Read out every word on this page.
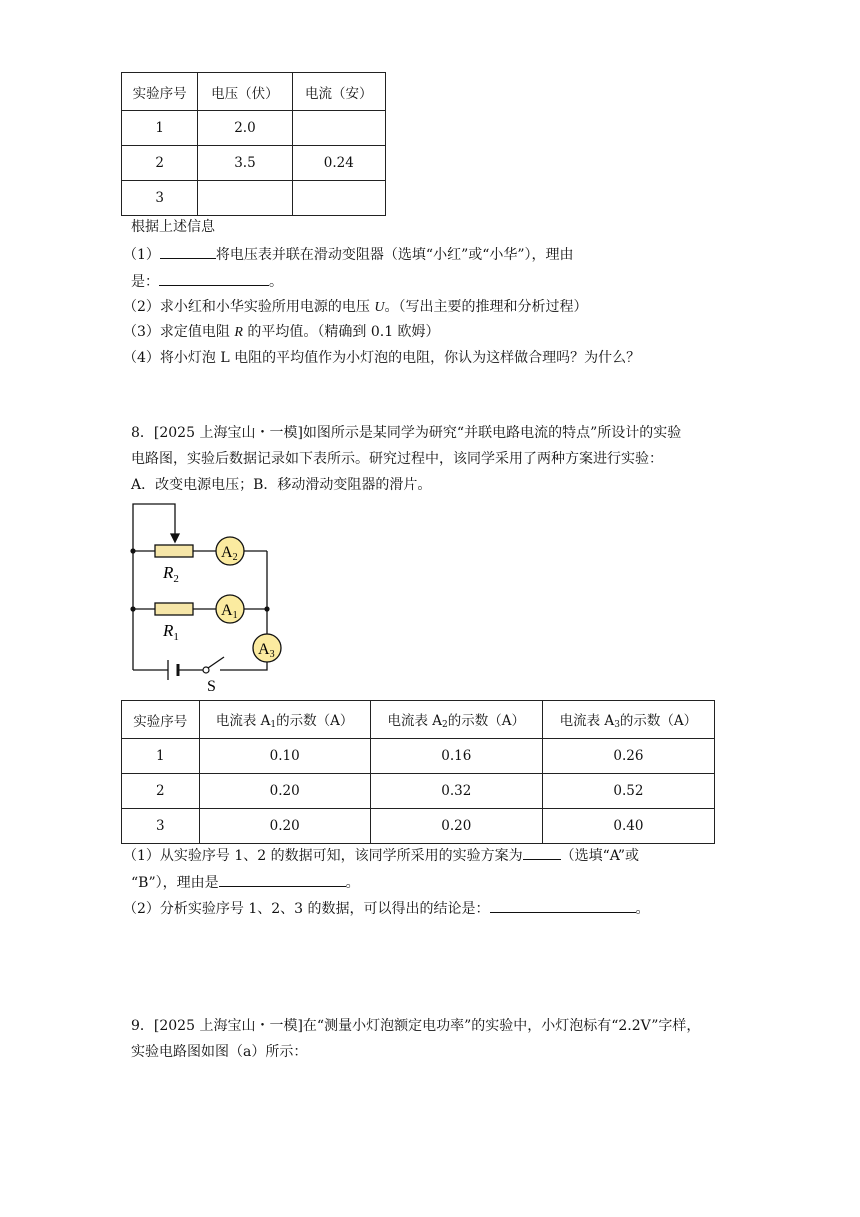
实验序号	电压（伏）	电流（安）
1	2.0	
2	3.5	0.24
3		
根据上述信息
（1）	将电压表并联在滑动变阻器（选填“小红”或“小华”），理由
是：	。
（2）求小红和小华实验所用电源的电压 U。（写出主要的推理和分析过程）
（3）求定值电阻 R 的平均值。（精确到 0.1 欧姆）
（4）将小灯泡 L 电阻的平均值作为小灯泡的电阻，你认为这样做合理吗？为什么？
8．[2025 上海宝山・一模]如图所示是某同学为研究“并联电路电流的特点”所设计的实验
电路图，实验后数据记录如下表所示。研究过程中，该同学采用了两种方案进行实验：
A．改变电源电压；B．移动滑动变阻器的滑片。
$R_2$
$R_1$
A2
A1
A3
S
实验序号	电流表 $A_1$的示数（A）	电流表 $A_2$的示数（A）	电流表 $A_3$的示数（A）
1	0.10	0.16	0.26
2	0.20	0.32	0.52
3	0.20	0.20	0.40
（1）从实验序号 1、2 的数据可知，该同学所采用的实验方案为	（选填“A”或
“B”），理由是	。
（2）分析实验序号 1、2、3 的数据，可以得出的结论是：	。
9．[2025 上海宝山・一模]在“测量小灯泡额定电功率”的实验中，小灯泡标有“2.2V”字样，
实验电路图如图（a）所示：
